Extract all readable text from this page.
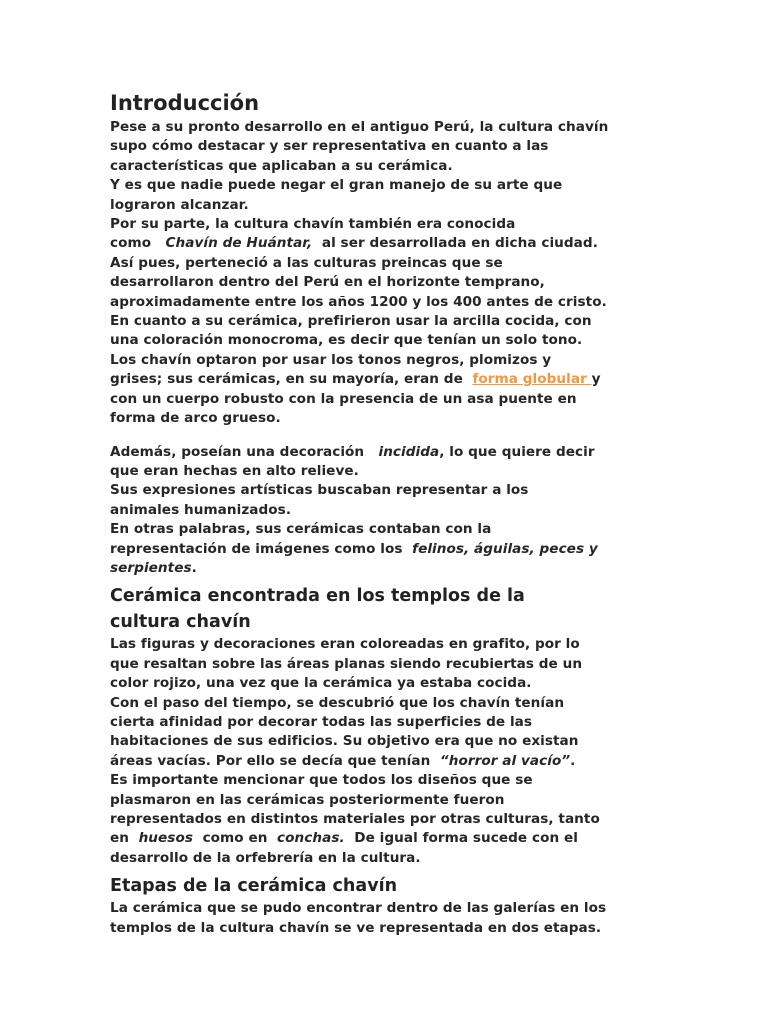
Introducción

Pese a su pronto desarrollo en el antiguo Perú, la cultura chavín

supo cómo destacar y ser representativa en cuanto a las

características que aplicaban a su cerámica.

Y es que nadie puede negar el gran manejo de su arte que

lograron alcanzar.

Por su parte, la cultura chavín también era conocida

como   Chavín de Huántar,  al ser desarrollada en dicha ciudad.

Así pues, perteneció a las culturas preincas que se

desarrollaron dentro del Perú en el horizonte temprano,

aproximadamente entre los años 1200 y los 400 antes de cristo.

En cuanto a su cerámica, prefirieron usar la arcilla cocida, con

una coloración monocroma, es decir que tenían un solo tono.

Los chavín optaron por usar los tonos negros, plomizos y

grises; sus cerámicas, en su mayoría, eran de  forma globular y

con un cuerpo robusto con la presencia de un asa puente en

forma de arco grueso.

Además, poseían una decoración   incidida, lo que quiere decir

que eran hechas en alto relieve.

Sus expresiones artísticas buscaban representar a los

animales humanizados.

En otras palabras, sus cerámicas contaban con la

representación de imágenes como los  felinos, águilas, peces y

serpientes.

Cerámica encontrada en los templos de la
cultura chavín

Las figuras y decoraciones eran coloreadas en grafito, por lo

que resaltan sobre las áreas planas siendo recubiertas de un

color rojizo, una vez que la cerámica ya estaba cocida.

Con el paso del tiempo, se descubrió que los chavín tenían

cierta afinidad por decorar todas las superficies de las

habitaciones de sus edificios. Su objetivo era que no existan

áreas vacías. Por ello se decía que tenían  “horror al vacío”.

Es importante mencionar que todos los diseños que se

plasmaron en las cerámicas posteriormente fueron

representados en distintos materiales por otras culturas, tanto

en  huesos  como en  conchas.  De igual forma sucede con el

desarrollo de la orfebrería en la cultura.

Etapas de la cerámica chavín

La cerámica que se pudo encontrar dentro de las galerías en los

templos de la cultura chavín se ve representada en dos etapas.
